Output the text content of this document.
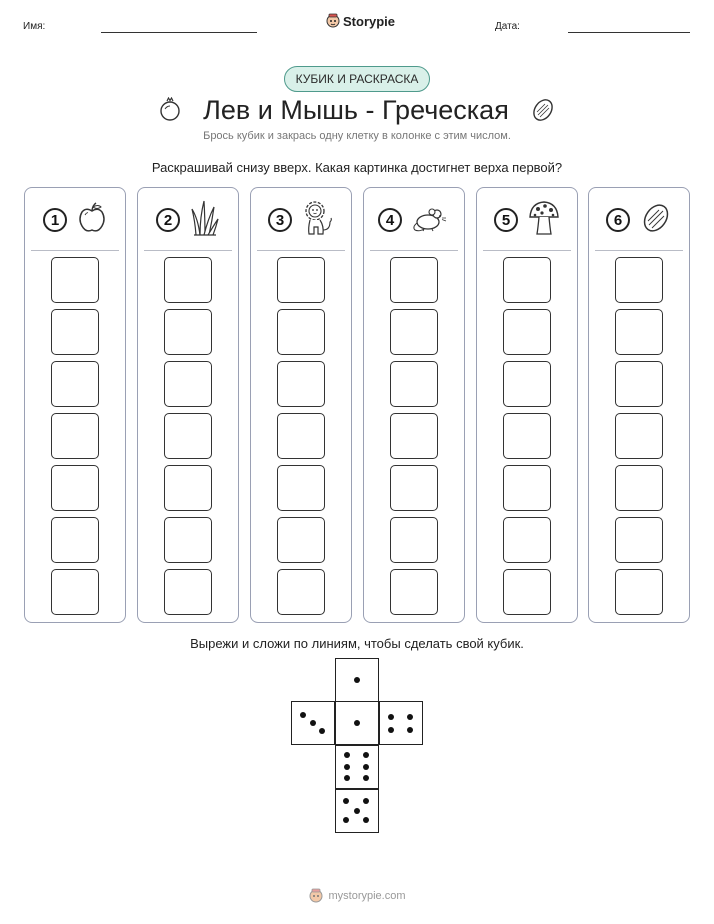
Имя:	Storypie	Дата:
КУБИК И РАСКРАСКА
Лев и Мышь - Греческая
Брось кубик и закрась одну клетку в колонке с этим числом.
Раскрашивай снизу вверх. Какая картинка достигнет верха первой?
1	2	3	4	5	6
Вырежи и сложи по линиям, чтобы сделать свой кубик.
mystorypie.com
